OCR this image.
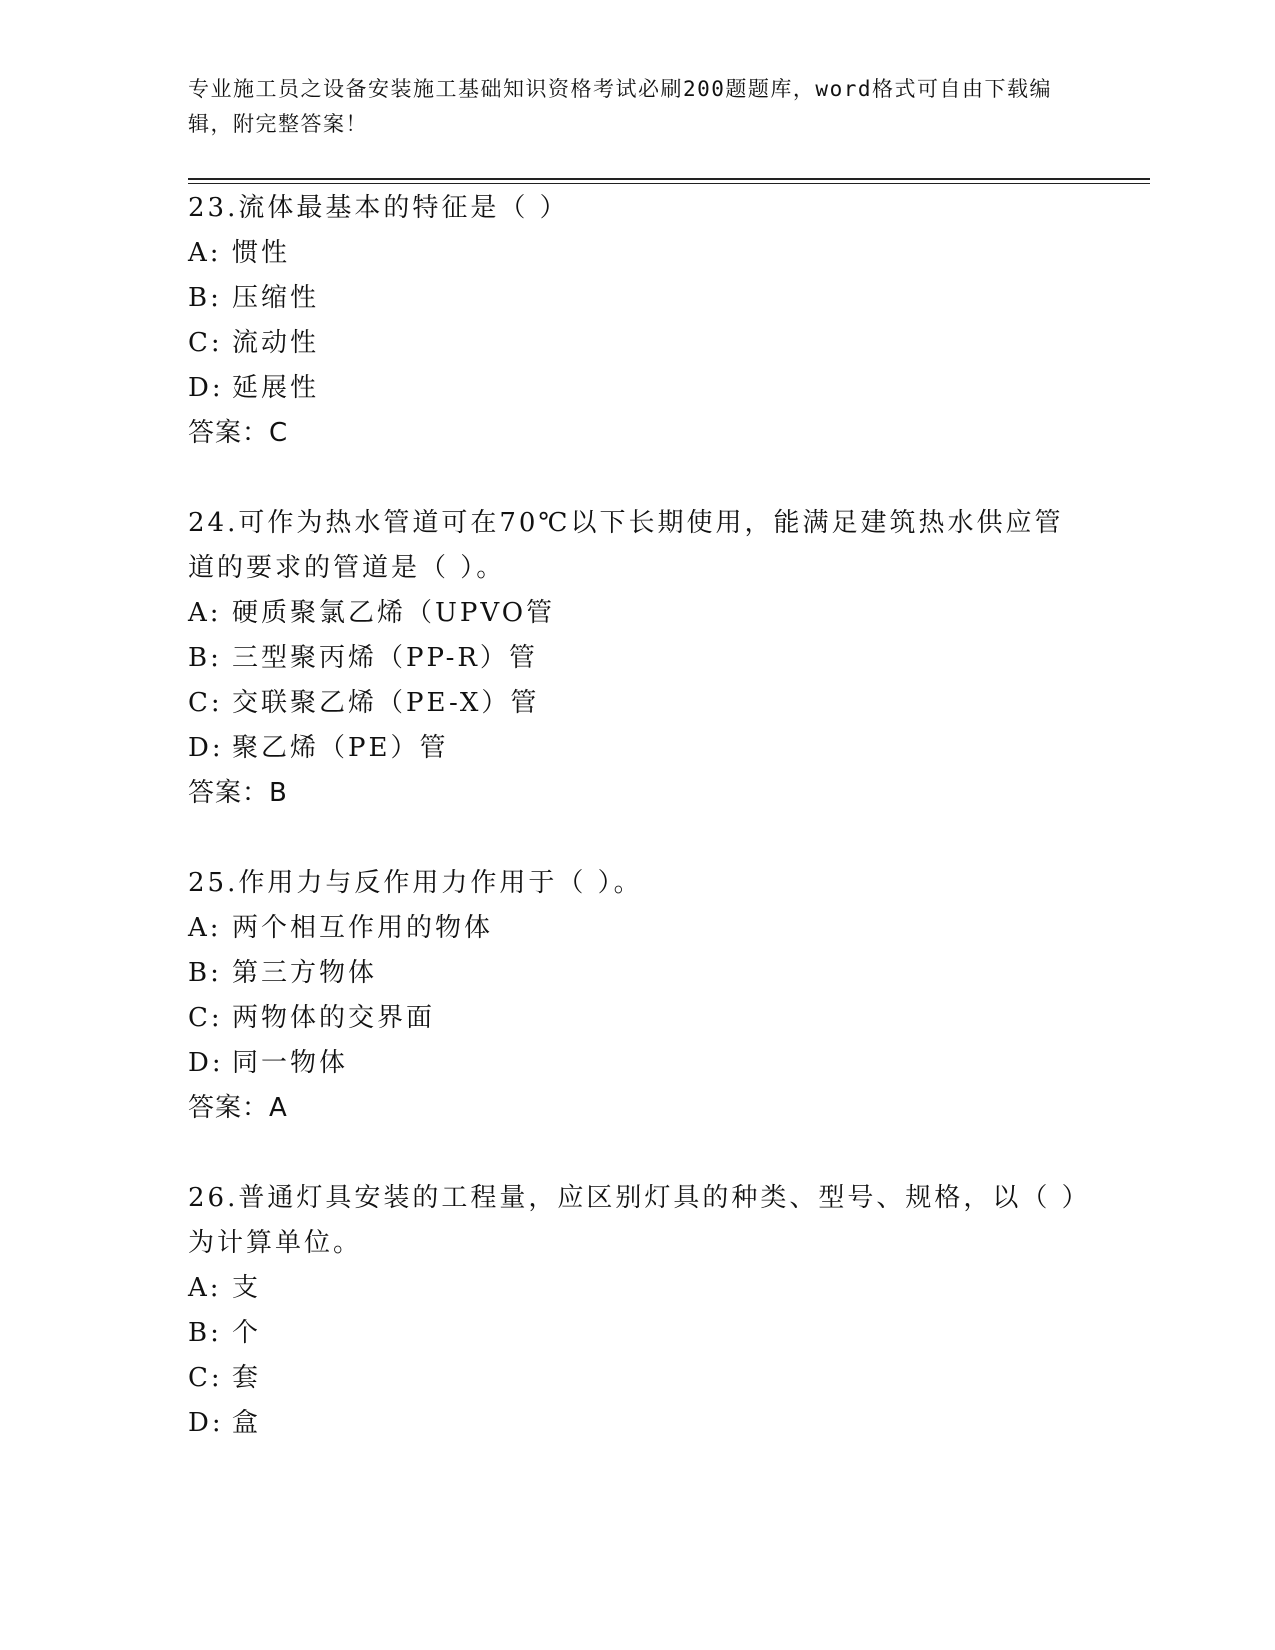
专业施工员之设备安装施工基础知识资格考试必刷200题题库，word格式可自由下载编辑，附完整答案！

23.流体最基本的特征是（ ）

A: 惯性

B: 压缩性

C: 流动性

D: 延展性

答案：C

24.可作为热水管道可在70℃以下长期使用，能满足建筑热水供应管道的要求的管道是（ ）。

A: 硬质聚氯乙烯（UPVO管

B: 三型聚丙烯（PP-R）管

C: 交联聚乙烯（PE-X）管

D: 聚乙烯（PE）管

答案：B

25.作用力与反作用力作用于（ ）。

A: 两个相互作用的物体

B: 第三方物体

C: 两物体的交界面

D: 同一物体

答案：A

26.普通灯具安装的工程量，应区别灯具的种类、型号、规格，以（ ）为计算单位。

A: 支

B: 个

C: 套

D: 盒
